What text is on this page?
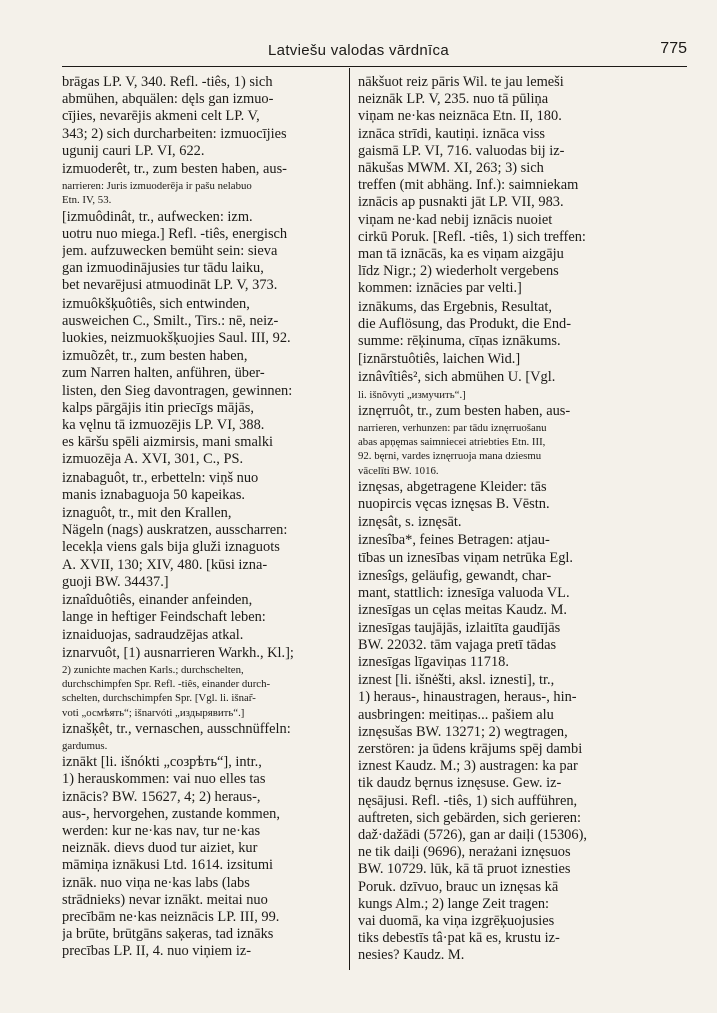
Latviešu valodas vārdnīca	775
brāgas LP. V, 340. Refl. -tiês, 1) sich
abmühen, abquälen: dęls gan izmuo-
cījies, nevarējis akmeni celt LP. V,
343; 2) sich durcharbeiten: izmuocījies
ugunij cauri LP. VI, 622.
izmuoderêt, tr., zum besten haben, aus-
narrieren: Juris izmuoderēja ir pašu nelabuo
Etn. IV, 53.
[izmuôdinât, tr., aufwecken: izm.
uotru nuo miega.] Refl. -tiês, energisch
jem. aufzuwecken bemüht sein: sieva
gan izmuodinājusies tur tādu laiku,
bet nevarējusi atmuodināt LP. V, 373.
izmuôkšķuôtiês, sich entwinden,
ausweichen C., Smilt., Tirs.: nē, neiz-
luokies, neizmuokšķuojies Saul. III, 92.
izmuõzêt, tr., zum besten haben,
zum Narren halten, anführen, über-
listen, den Sieg davontragen, gewinnen:
kalps pārgājis itin priecīgs mājās,
ka vęlnu tā izmuozējis LP. VI, 388.
es kāršu spēli aizmirsis, mani smalki
izmuozēja A. XVI, 301, C., PS.
iznabaguôt, tr., erbetteln: viņš nuo
manis iznabaguoja 50 kapeikas.
iznaguôt, tr., mit den Krallen,
Nägeln (nags) auskratzen, ausscharren:
lecekļa viens gals bija gluži iznaguots
A. XVII, 130; XIV, 480. [kūsi izna-
guoji BW. 34437.]
iznaîduôtiês, einander anfeinden,
lange in heftiger Feindschaft leben:
iznaiduojas, sadraudzējas atkal.
iznarvuôt, [1) ausnarrieren Warkh., Kl.];
2) zunichte machen Karls.; durchschelten,
durchschimpfen Spr. Refl. -tiês, einander durch-
schelten, durchschimpfen Spr. [Vgl. li. išnar̃-
voti „осмѣять“; išnarvóti „издырявить“.]
iznašķêt, tr., vernaschen, ausschnüffeln:
gardumus.
iznākt [li. išnókti „созрѣть“], intr.,
1) herauskommen: vai nuo elles tas
iznācis? BW. 15627, 4; 2) heraus-,
aus-, hervorgehen, zustande kommen,
werden: kur ne·kas nav, tur ne·kas
neiznāk. dievs duod tur aiziet, kur
māmiņa iznākusi Ltd. 1614. izsitumi
iznāk. nuo viņa ne·kas labs (labs
strādnieks) nevar iznākt. meitai nuo
precībām ne·kas neiznācis LP. III, 99.
ja brūte, brūtgāns saķeras, tad iznāks
precības LP. II, 4. nuo viņiem iz-
nākšuot reiz pāris Wil. te jau lemeši
neiznāk LP. V, 235. nuo tā pūliņa
viņam ne·kas neiznāca Etn. II, 180.
iznāca strīdi, kautiņi. iznāca viss
gaismā LP. VI, 716. valuodas bij iz-
nākušas MWM. XI, 263; 3) sich
treffen (mit abhäng. Inf.): saimniekam
iznācis ap pusnakti jāt LP. VII, 983.
viņam ne·kad nebij iznācis nuoiet
cirkū Poruk. [Refl. -tiês, 1) sich treffen:
man tā iznācās, ka es viņam aizgāju
līdz Nigr.; 2) wiederholt vergebens
kommen: iznācies par velti.]
iznākums, das Ergebnis, Resultat,
die Auflösung, das Produkt, die End-
summe: rēķinuma, cīņas iznākums.
[iznārstuôtiês, laichen Wid.]
iznâvîtiês², sich abmühen U. [Vgl.
li. išnõvyti „измучить“.]
iznęrruôt, tr., zum besten haben, aus-
narrieren, verhunzen: par tādu iznęrruošanu
abas apņęmas saimniecei atriebties Etn. III,
92. bęrni, vardes iznęrruoja mana dziesmu
vācelīti BW. 1016.
iznęsas, abgetragene Kleider: tās
nuopircis vęcas iznęsas B. Vēstn.
iznęsât, s. iznęsāt.
iznesîba*, feines Betragen: atjau-
tības un iznesības viņam netrūka Egl.
iznesîgs, geläufig, gewandt, char-
mant, stattlich: iznesīga valuoda VL.
iznesīgas un cęlas meitas Kaudz. M.
iznesīgas taujājās, izlaitīta gaudījās
BW. 22032. tām vajaga pretī tādas
iznesīgas līgaviņas 11718.
iznest [li. išnė̃šti, aksl. iznesti], tr.,
1) heraus-, hinaustragen, heraus-, hin-
ausbringen: meitiņas... pašiem alu
iznęsušas BW. 13271; 2) wegtragen,
zerstören: ja ūdens krājums spēj dambi
iznest Kaudz. M.; 3) austragen: ka par
tik daudz bęrnus iznęsuse. Gew. iz-
nęsājusi. Refl. -tiês, 1) sich aufführen,
auftreten, sich gebärden, sich gerieren:
daž·dažādi (5726), gan ar daiļi (15306),
ne tik daiļi (9696), nerażani iznęsuos
BW. 10729. lūk, kā tā pruot iznesties
Poruk. dzīvuo, brauc un iznęsas kā
kungs Alm.; 2) lange Zeit tragen:
vai duomā, ka viņa izgrēķuojusies
tiks debestīs tâ·pat kā es, krustu iz-
nesies? Kaudz. M.
